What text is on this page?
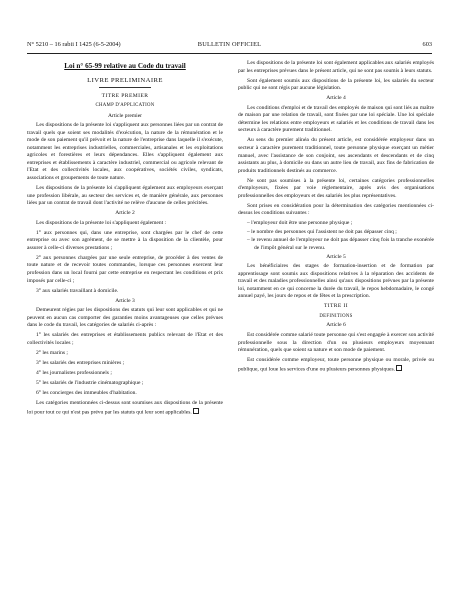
N° 5210 – 16 rabii I 1425 (6-5-2004)	BULLETIN OFFICIEL	603

Loi n° 65-99 relative au Code du travail

LIVRE PRELIMINAIRE

TITRE PREMIER

CHAMP D'APPLICATION

Article premier

Les dispositions de la présente loi s'appliquent aux personnes liées par un contrat de travail quels que soient ses modalités d'exécution, la nature de la rémunération et le mode de son paiement qu'il prévoit et la nature de l'entreprise dans laquelle il s'exécute, notamment les entreprises industrielles, commerciales, artisanales et les exploitations agricoles et forestières et leurs dépendances. Elles s'appliquent également aux entreprises et établissements à caractère industriel, commercial ou agricole relevant de l'Etat et des collectivités locales, aux coopératives, sociétés civiles, syndicats, associations et groupements de toute nature.

Les dispositions de la présente loi s'appliquent également aux employeurs exerçant une profession libérale, au secteur des services et, de manière générale, aux personnes liées par un contrat de travail dont l'activité ne relève d'aucune de celles précitées.

Article 2

Les dispositions de la présente loi s'appliquent également :

1° aux personnes qui, dans une entreprise, sont chargées par le chef de cette entreprise ou avec son agrément, de se mettre à la disposition de la clientèle, pour assurer à celle-ci diverses prestations ;

2° aux personnes chargées par une seule entreprise, de procéder à des ventes de toute nature et de recevoir toutes commandes, lorsque ces personnes exercent leur profession dans un local fourni par cette entreprise en respectant les conditions et prix imposés par celle-ci ;

3° aux salariés travaillant à domicile.

Article 3

Demeurent régies par les dispositions des statuts qui leur sont applicables et qui ne peuvent en aucun cas comporter des garanties moins avantageuses que celles prévues dans le code du travail, les catégories de salariés ci-après :

1° les salariés des entreprises et établissements publics relevant de l'Etat et des collectivités locales ;

2° les marins ;

3° les salariés des entreprises minières ;

4° les journalistes professionnels ;

5° les salariés de l'industrie cinématographique ;

6° les concierges des immeubles d'habitation.

Les catégories mentionnées ci-dessus sont soumises aux dispositions de la présente loi pour tout ce qui n'est pas prévu par les statuts qui leur sont applicables.

Les dispositions de la présente loi sont également applicables aux salariés employés par les entreprises prévues dans le présent article, qui ne sont pas soumis à leurs statuts.

Sont également soumis aux dispositions de la présente loi, les salariés du secteur public qui ne sont régis par aucune législation.

Article 4

Les conditions d'emploi et de travail des employés de maison qui sont liés au maître de maison par une relation de travail, sont fixées par une loi spéciale. Une loi spéciale détermine les relations entre employeurs et salariés et les conditions de travail dans les secteurs à caractère purement traditionnel.

Au sens du premier alinéa du présent article, est considérée employeur dans un secteur à caractère purement traditionnel, toute personne physique exerçant un métier manuel, avec l'assistance de son conjoint, ses ascendants et descendants et de cinq assistants au plus, à domicile ou dans un autre lieu de travail, aux fins de fabrication de produits traditionnels destinés au commerce.

Ne sont pas soumises à la présente loi, certaines catégories professionnelles d'employeurs, fixées par voie réglementaire, après avis des organisations professionnelles des employeurs et des salariés les plus représentatives.

Sont prises en considération pour la détermination des catégories mentionnées ci-dessus les conditions suivantes :

– l'employeur doit être une personne physique ;

– le nombre des personnes qui l'assistent ne doit pas dépasser cinq ;

– le revenu annuel de l'employeur ne doit pas dépasser cinq fois la tranche exonérée de l'impôt général sur le revenu.

Article 5

Les bénéficiaires des stages de formation-insertion et de formation par apprentissage sont soumis aux dispositions relatives à la réparation des accidents de travail et des maladies professionnelles ainsi qu'aux dispositions prévues par la présente loi, notamment en ce qui concerne la durée du travail, le repos hebdomadaire, le congé annuel payé, les jours de repos et de fêtes et la prescription.

TITRE II

DEFINITIONS

Article 6

Est considérée comme salarié toute personne qui s'est engagée à exercer son activité professionnelle sous la direction d'un ou plusieurs employeurs moyennant rémunération, quels que soient sa nature et son mode de paiement.

Est considérée comme employeur, toute personne physique ou morale, privée ou publique, qui loue les services d'une ou plusieurs personnes physiques.
